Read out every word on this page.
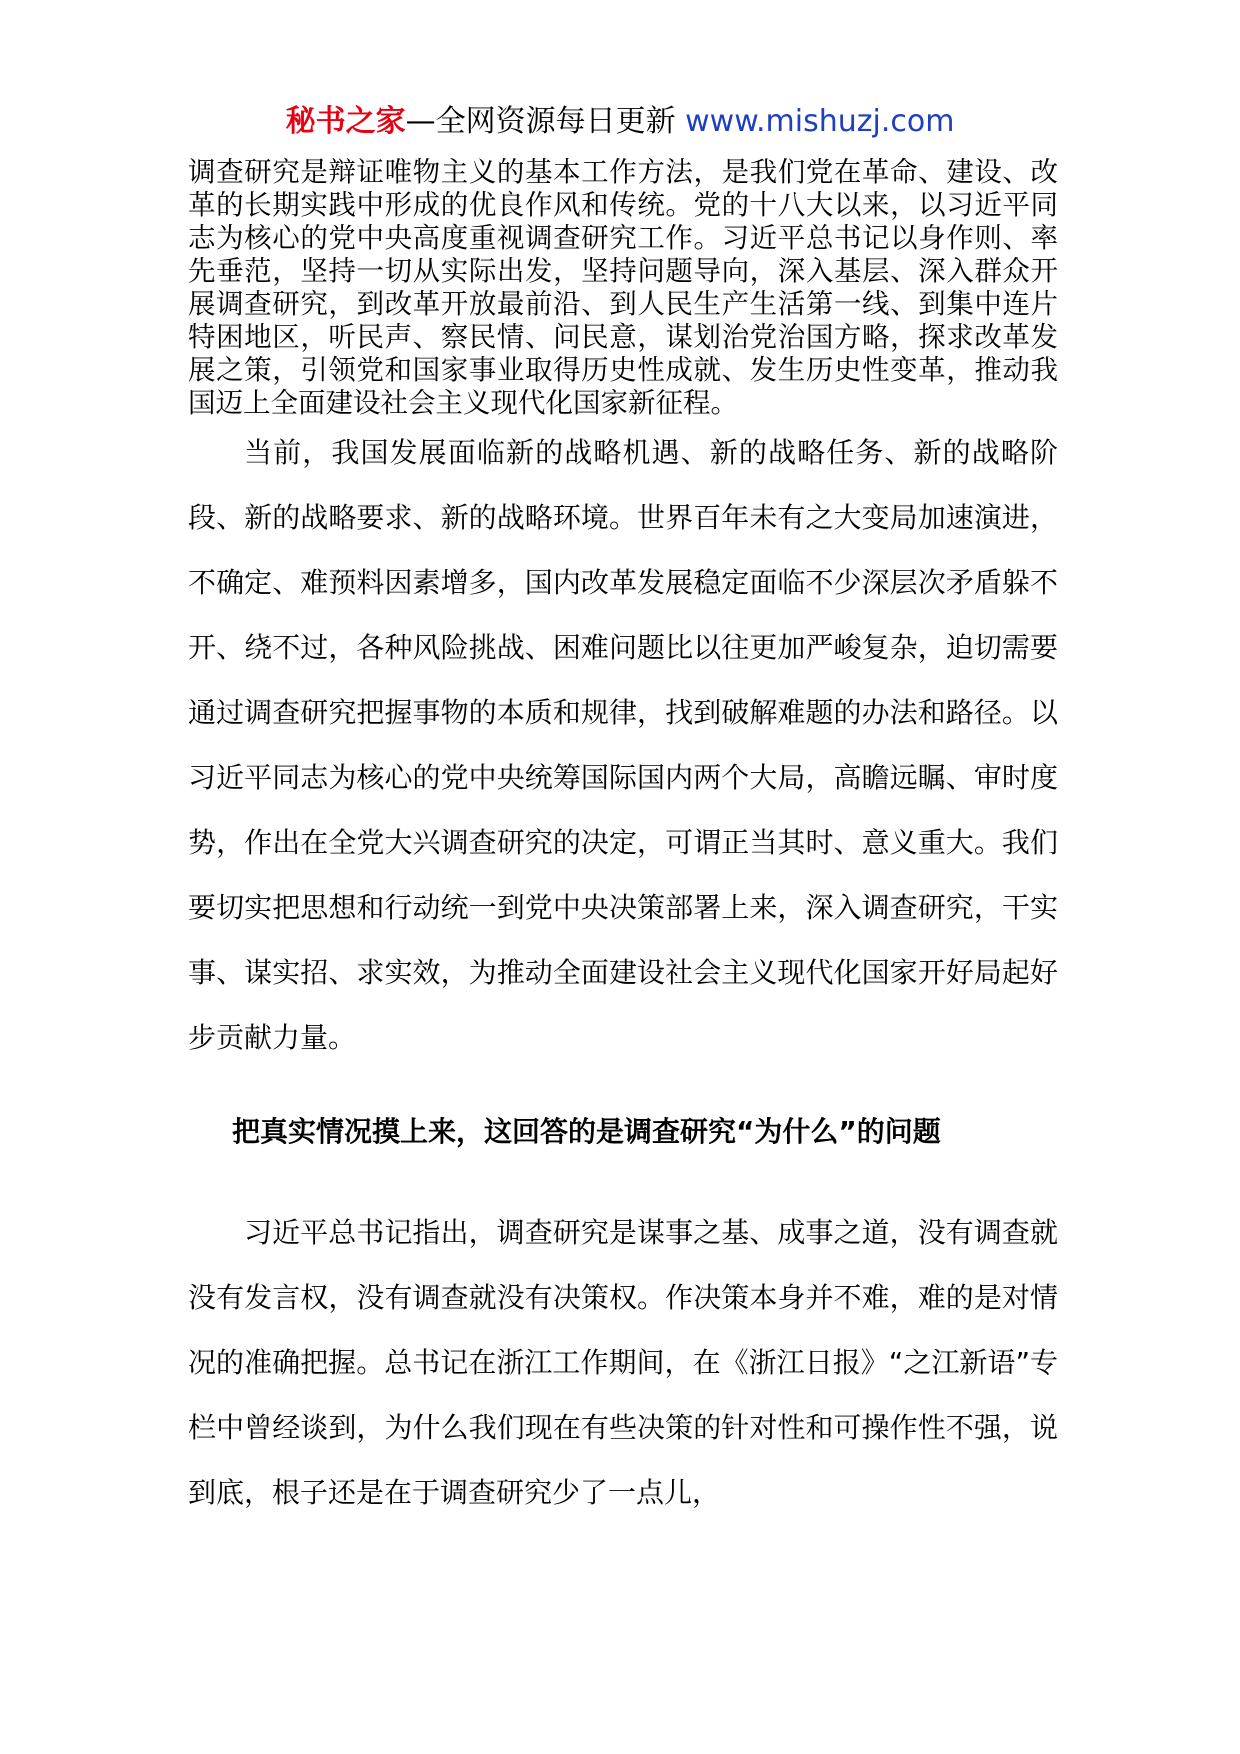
秘书之家—全网资源每日更新 www.mishuzj.com

调查研究是辩证唯物主义的基本工作方法，是我们党在革命、建设、改革的长期实践中形成的优良作风和传统。党的十八大以来，以习近平同志为核心的党中央高度重视调查研究工作。习近平总书记以身作则、率先垂范，坚持一切从实际出发，坚持问题导向，深入基层、深入群众开展调查研究，到改革开放最前沿、到人民生产生活第一线、到集中连片特困地区，听民声、察民情、问民意，谋划治党治国方略，探求改革发展之策，引领党和国家事业取得历史性成就、发生历史性变革，推动我国迈上全面建设社会主义现代化国家新征程。

当前，我国发展面临新的战略机遇、新的战略任务、新的战略阶段、新的战略要求、新的战略环境。世界百年未有之大变局加速演进，不确定、难预料因素增多，国内改革发展稳定面临不少深层次矛盾躲不开、绕不过，各种风险挑战、困难问题比以往更加严峻复杂，迫切需要通过调查研究把握事物的本质和规律，找到破解难题的办法和路径。以习近平同志为核心的党中央统筹国际国内两个大局，高瞻远瞩、审时度势，作出在全党大兴调查研究的决定，可谓正当其时、意义重大。我们要切实把思想和行动统一到党中央决策部署上来，深入调查研究，干实事、谋实招、求实效，为推动全面建设社会主义现代化国家开好局起好步贡献力量。

把真实情况摸上来，这回答的是调查研究“为什么”的问题

习近平总书记指出，调查研究是谋事之基、成事之道，没有调查就没有发言权，没有调查就没有决策权。作决策本身并不难，难的是对情况的准确把握。总书记在浙江工作期间，在《浙江日报》“之江新语”专栏中曾经谈到，为什么我们现在有些决策的针对性和可操作性不强，说到底，根子还是在于调查研究少了一点儿，
